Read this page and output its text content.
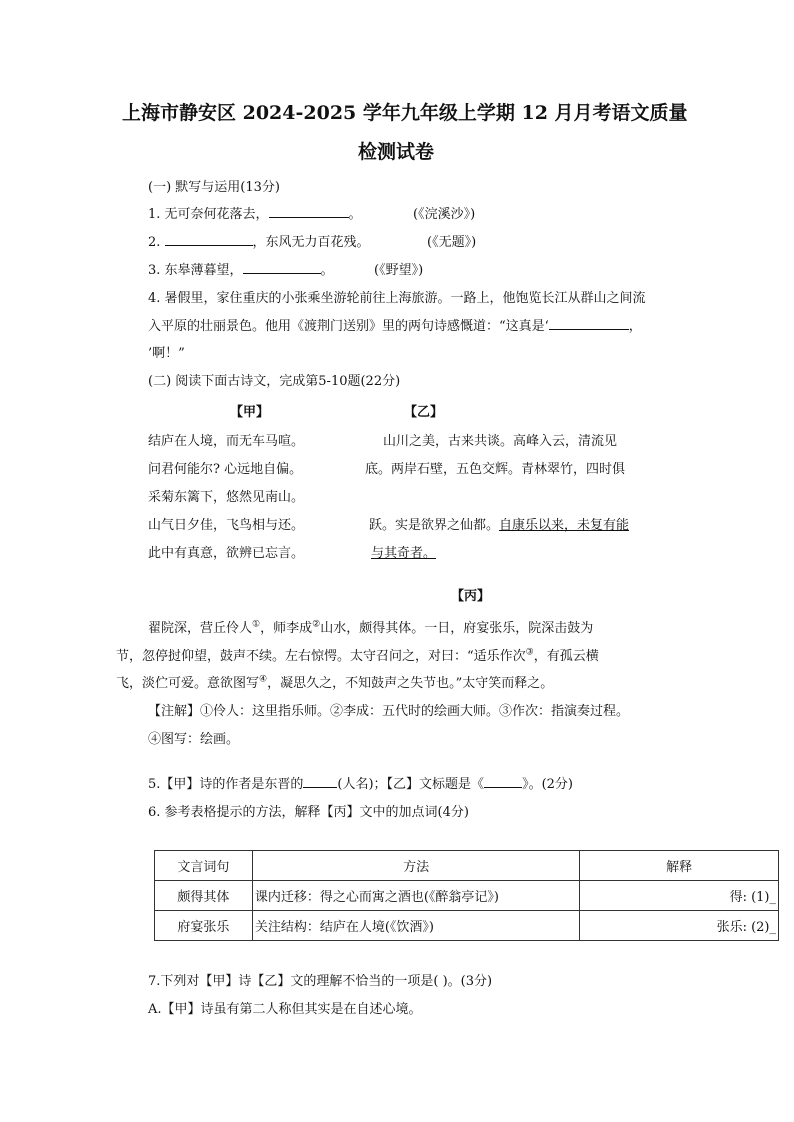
上海市静安区 2024-2025 学年九年级上学期 12 月月考语文质量
检测试卷
(一) 默写与运用(13分)
1. 无可奈何花落去，	。	(《浣溪沙》)
2.	，东风无力百花残。	(《无题》)
3. 东皋薄暮望，	。	(《野望》)
4. 暑假里，家住重庆的小张乘坐游轮前往上海旅游。一路上，他饱览长江从群山之间流
入平原的壮丽景色。他用《渡荆门送别》里的两句诗感慨道：“这真是‘	，
’啊！”
(二) 阅读下面古诗文，完成第5-10题(22分)
【甲】	【乙】
结庐在人境，而无车马喧。
问君何能尔? 心远地自偏。
采菊东篱下，悠然见南山。
山气日夕佳，飞鸟相与还。
此中有真意，欲辨已忘言。
山川之美，古来共谈。高峰入云，清流见
底。两岸石壁，五色交辉。青林翠竹，四时俱
跃。实是欲界之仙都。自康乐以来，未复有能
与其奇者。
【丙】
翟院深，营丘伶人①，师李成②山水，颇得其体。一日，府宴张乐，院深击鼓为
节，忽停挝仰望，鼓声不续。左右惊愕。太守召问之，对曰：“适乐作次③，有孤云横
飞，淡伫可爱。意欲图写④，凝思久之，不知鼓声之失节也。”太守笑而释之。
【注解】①伶人：这里指乐师。②李成：五代时的绘画大师。③作次：指演奏过程。
④图写：绘画。
5.【甲】诗的作者是东晋的	(人名)；【乙】文标题是《	》。(2分)
6. 参考表格提示的方法，解释【丙】文中的加点词(4分)
文言词句	方法	解释
颇得其体	课内迁移：得之心而寓之酒也(《醉翁亭记》)	得: (1)_
府宴张乐	关注结构：结庐在人境(《饮酒》)	张乐: (2)_
7.下列对【甲】诗【乙】文的理解不恰当的一项是( )。(3分)
A.【甲】诗虽有第二人称但其实是在自述心境。
